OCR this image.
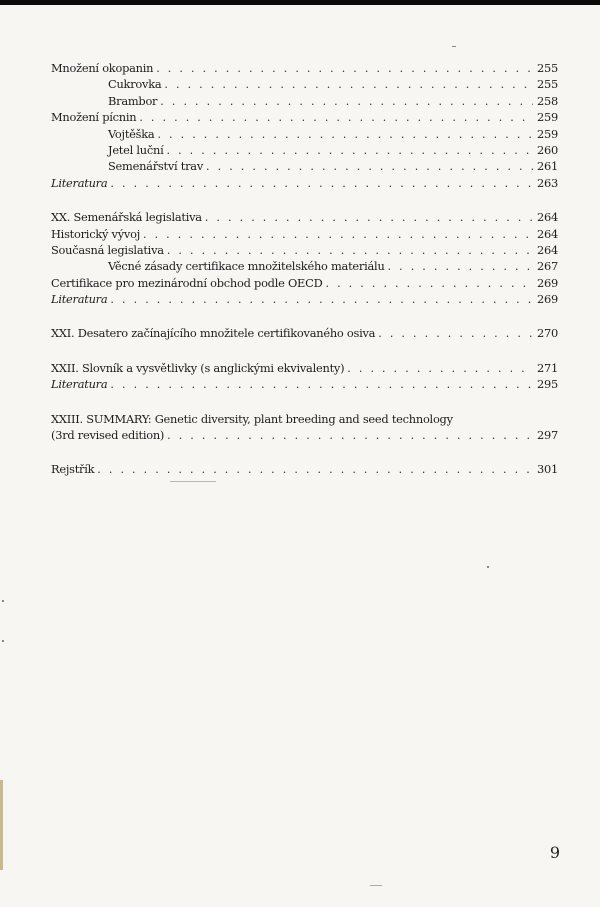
Množení okopanin . . .	255
Cukrovka . . .	255
Brambor . . .	258
Množení pícnin . . .	259
Vojtěška . . .	259
Jetel luční . . .	260
Semenářství trav . . .	261
Literatura . . .	263
XX. Semenářská legislativa . . .	264
Historický vývoj . . .	264
Současná legislativa . . .	264
Věcné zásady certifikace množitelského materiálu . . .	267
Certifikace pro mezinárodní obchod podle OECD . . .	269
Literatura . . .	269
XXI. Desatero začínajícího množitele certifikovaného osiva . . .	270
XXII. Slovník a vysvětlivky (s anglickými ekvivalenty) . . .	271
Literatura . . .	295
XXIII. SUMMARY: Genetic diversity, plant breeding and seed technology
(3rd revised edition) . . .	297
Rejstřík . . .	301
9
